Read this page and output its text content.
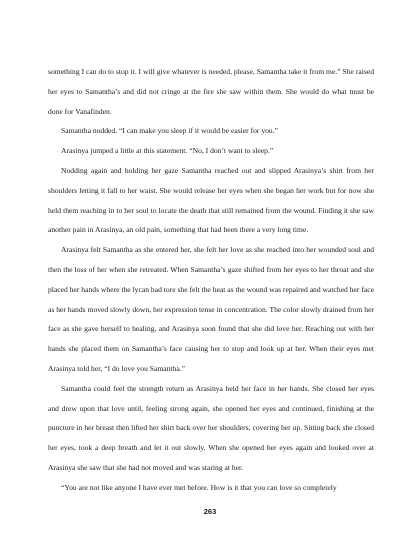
something I can do to stop it. I will give whatever is needed, please, Samantha take it from me.” She raised her eyes to Samantha’s and did not cringe at the fire she saw within them. She would do what must be done for Vanafinden.

Samantha nodded. “I can make you sleep if it would be easier for you.”

Arasinya jumped a little at this statement. “No, I don’t want to sleep.”

Nodding again and holding her gaze Samantha reached out and slipped Arasinya’s shirt from her shoulders letting it fall to her waist. She would release her eyes when she began her work but for now she held them reaching in to her soul to locate the death that still remained from the wound. Finding it she saw another pain in Arasinya, an old pain, something that had been there a very long time.

Arasinya felt Samantha as she entered her, she felt her love as she reached into her wounded soul and then the loss of her when she retreated. When Samantha’s gaze shifted from her eyes to her throat and she placed her hands where the lycan had tore she felt the heat as the wound was repaired and watched her face as her hands moved slowly down, her expression tense in concentration. The color slowly drained from her face as she gave herself to healing, and Arasinya soon found that she did love her. Reaching out with her hands she placed them on Samantha’s face causing her to stop and look up at her. When their eyes met Arasinya told her, “I do love you Samantha.”

Samantha could feel the strength return as Arasinya held her face in her hands. She closed her eyes and drew upon that love until, feeling strong again, she opened her eyes and continued, finishing at the puncture in her breast then lifted her shirt back over her shoulders, covering her up. Sitting back she closed her eyes, took a deep breath and let it out slowly. When she opened her eyes again and looked over at Arasinya she saw that she had not moved and was staring at her.

“You are not like anyone I have ever met before. How is it that you can love so completely

263
